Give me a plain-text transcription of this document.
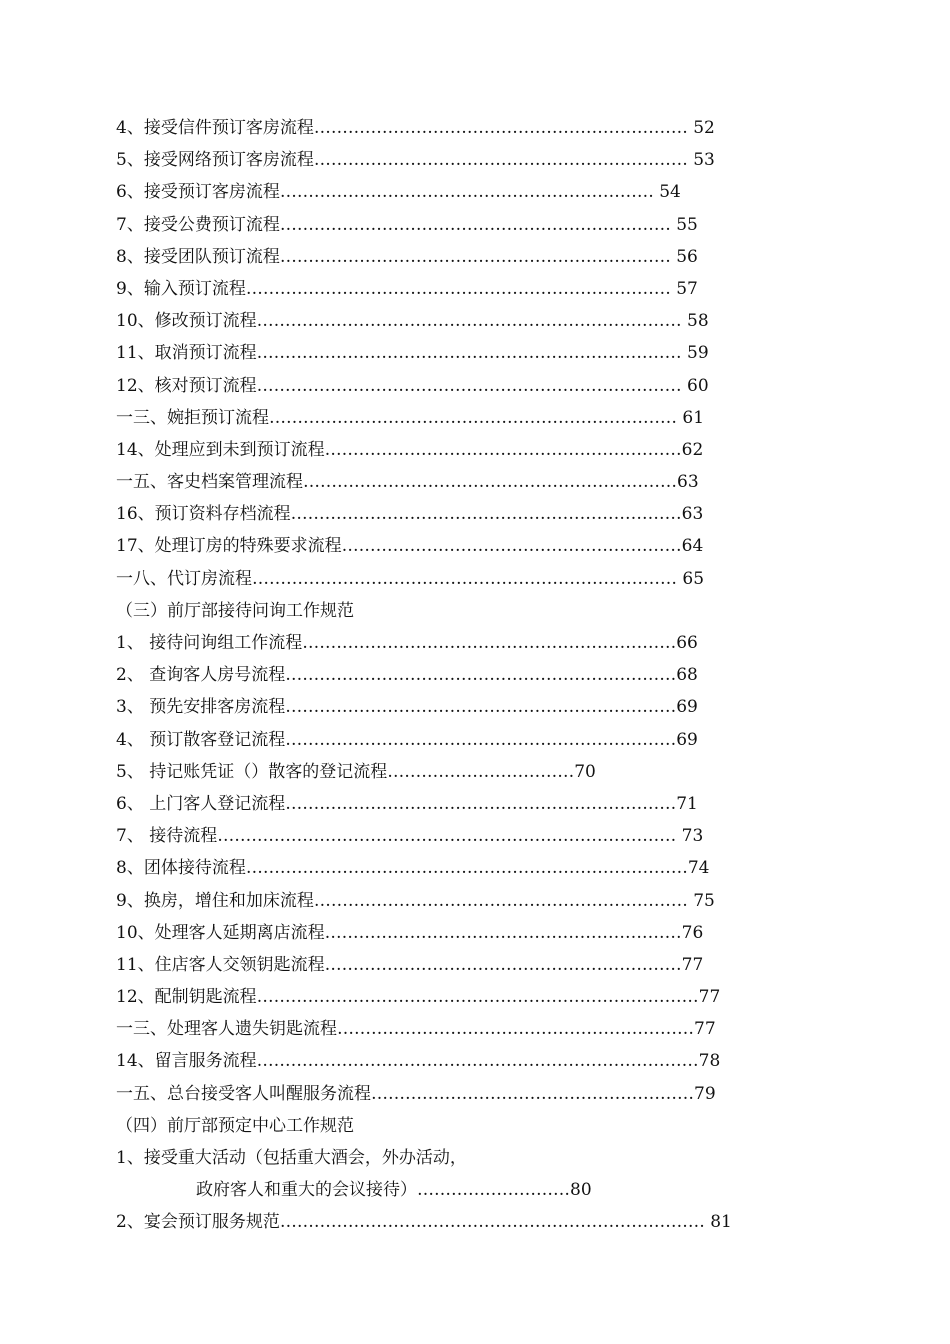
4、接受信件预订客房流程………………………………………………………… 52
5、接受网络预订客房流程………………………………………………………… 53
6、接受预订客房流程………………………………………………………… 54
7、接受公费预订流程…………………………………………………………… 55
8、接受团队预订流程…………………………………………………………… 56
9、输入预订流程………………………………………………………………… 57
10、修改预订流程………………………………………………………………… 58
11、取消预订流程………………………………………………………………… 59
12、核对预订流程………………………………………………………………… 60
一三、婉拒预订流程……………………………………………………………… 61
14、处理应到未到预订流程………………………………………………………62
一五、客史档案管理流程…………………………………………………………63
16、预订资料存档流程……………………………………………………………63
17、处理订房的特殊要求流程……………………………………………………64
一八、代订房流程………………………………………………………………… 65
（三）前厅部接待问询工作规范
1、 接待问询组工作流程…………………………………………………………66
2、 查询客人房号流程……………………………………………………………68
3、 预先安排客房流程……………………………………………………………69
4、 预订散客登记流程……………………………………………………………69
5、 持记账凭证（）散客的登记流程……………………………70
6、 上门客人登记流程……………………………………………………………71
7、 接待流程……………………………………………………………………… 73
8、团体接待流程……………………………………………………………………74
9、换房，增住和加床流程………………………………………………………… 75
10、处理客人延期离店流程………………………………………………………76
11、住店客人交领钥匙流程………………………………………………………77
12、配制钥匙流程……………………………………………………………………77
一三、处理客人遗失钥匙流程………………………………………………………77
14、留言服务流程……………………………………………………………………78
一五、总台接受客人叫醒服务流程…………………………………………………79
（四）前厅部预定中心工作规范
1、接受重大活动（包括重大酒会，外办活动，
政府客人和重大的会议接待）………………………80
2、宴会预订服务规范………………………………………………………………… 81
